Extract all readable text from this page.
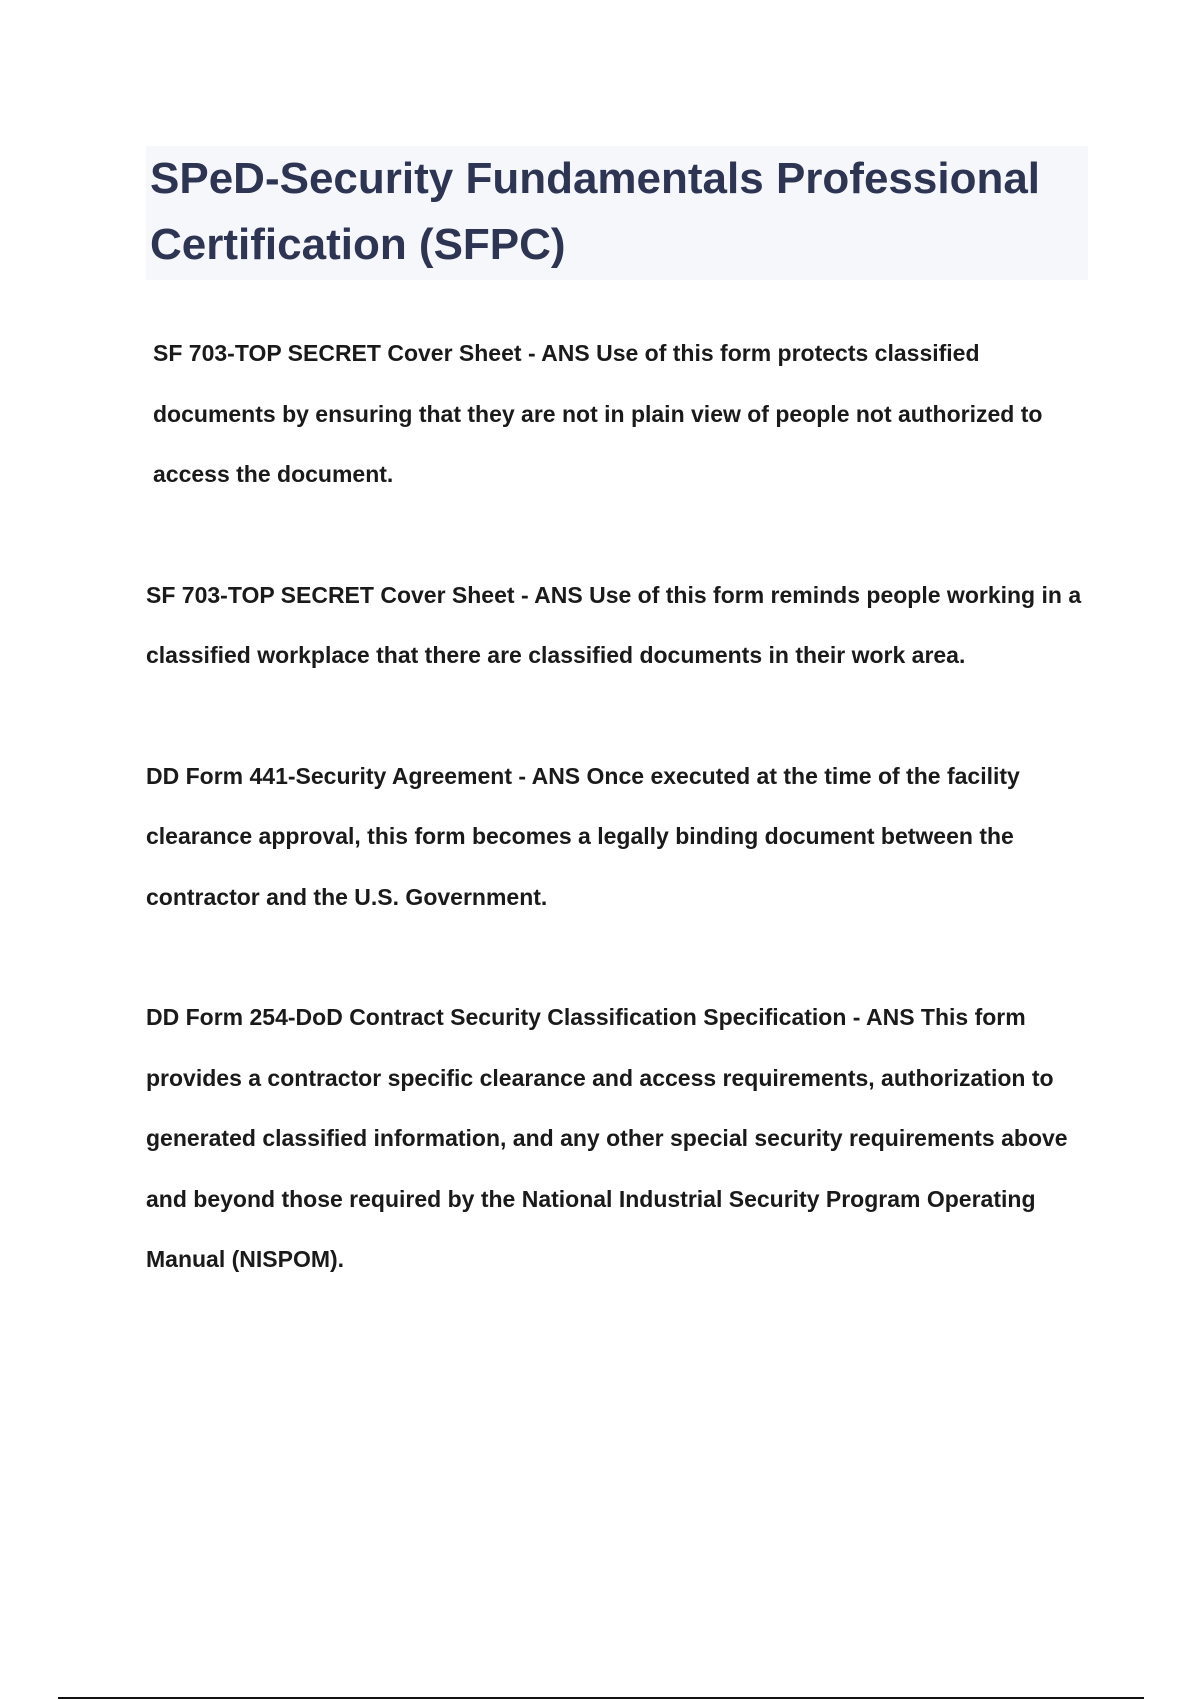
SPeD-Security Fundamentals Professional Certification (SFPC)

SF 703-TOP SECRET Cover Sheet - ANS Use of this form protects classified documents by ensuring that they are not in plain view of people not authorized to access the document.

SF 703-TOP SECRET Cover Sheet - ANS Use of this form reminds people working in a classified workplace that there are classified documents in their work area.

DD Form 441-Security Agreement - ANS Once executed at the time of the facility clearance approval, this form becomes a legally binding document between the contractor and the U.S. Government.

DD Form 254-DoD Contract Security Classification Specification - ANS This form provides a contractor specific clearance and access requirements, authorization to generated classified information, and any other special security requirements above and beyond those required by the National Industrial Security Program Operating Manual (NISPOM).
